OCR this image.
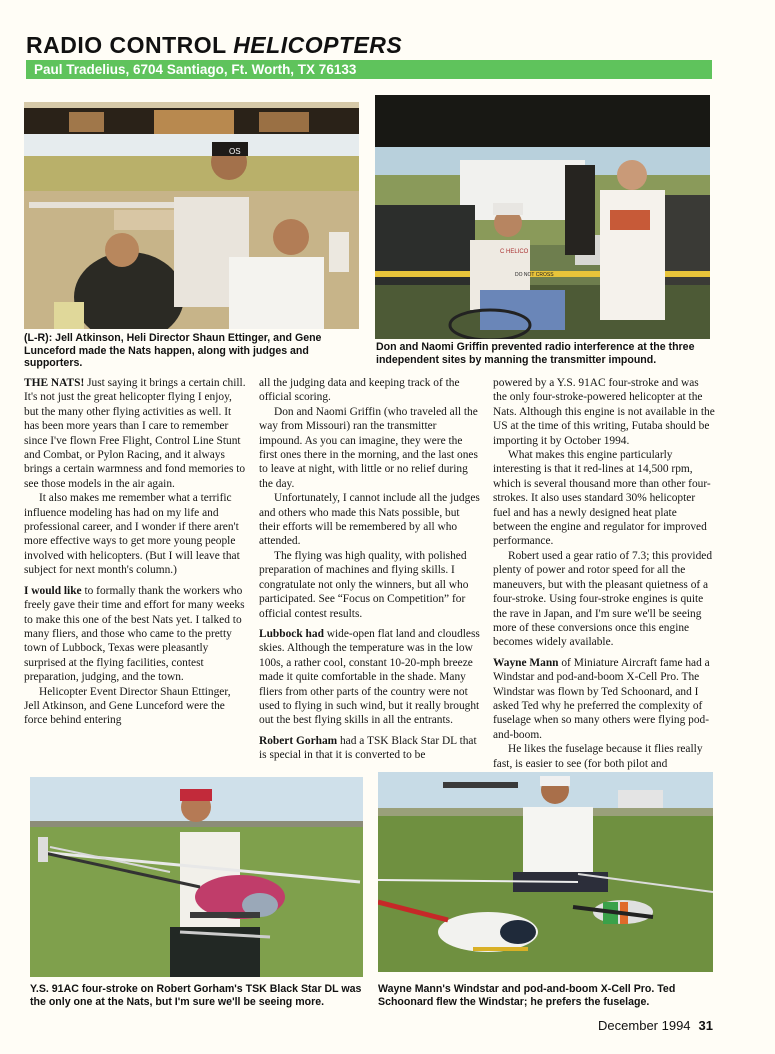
RADIO CONTROL HELICOPTERS
Paul Tradelius, 6704 Santiago, Ft. Worth, TX 76133
OS
C HELICO
DO NOT CROSS
(L-R): Jell Atkinson, Heli Director Shaun Ettinger, and Gene Lunceford made the Nats happen, along with judges and supporters.
Don and Naomi Griffin prevented radio interference at the three independent sites by manning the transmitter impound.

THE NATS! Just saying it brings a certain chill. It's not just the great helicopter flying I enjoy, but the many other flying activities as well. It has been more years than I care to remember since I've flown Free Flight, Control Line Stunt and Combat, or Pylon Racing, and it always brings a certain warmness and fond memories to see those models in the air again.

It also makes me remember what a terrific influence modeling has had on my life and professional career, and I wonder if there aren't more effective ways to get more young people involved with helicopters. (But I will leave that subject for next month's column.)

I would like to formally thank the workers who freely gave their time and effort for many weeks to make this one of the best Nats yet. I talked to many fliers, and those who came to the pretty town of Lubbock, Texas were pleasantly surprised at the flying facilities, contest preparation, judging, and the town.

Helicopter Event Director Shaun Ettinger, Jell Atkinson, and Gene Lunceford were the force behind entering

all the judging data and keeping track of the official scoring.

Don and Naomi Griffin (who traveled all the way from Missouri) ran the transmitter impound. As you can imagine, they were the first ones there in the morning, and the last ones to leave at night, with little or no relief during the day.

Unfortunately, I cannot include all the judges and others who made this Nats possible, but their efforts will be remembered by all who attended.

The flying was high quality, with polished preparation of machines and flying skills. I congratulate not only the winners, but all who participated. See “Focus on Competition” for official contest results.

Lubbock had wide-open flat land and cloudless skies. Although the temperature was in the low 100s, a rather cool, constant 10-20-mph breeze made it quite comfortable in the shade. Many fliers from other parts of the country were not used to flying in such wind, but it really brought out the best flying skills in all the entrants.

Robert Gorham had a TSK Black Star DL that is special in that it is converted to be

powered by a Y.S. 91AC four-stroke and was the only four-stroke-powered helicopter at the Nats. Although this engine is not available in the US at the time of this writing, Futaba should be importing it by October 1994.

What makes this engine particularly interesting is that it red-lines at 14,500 rpm, which is several thousand more than other four-strokes. It also uses standard 30% helicopter fuel and has a newly designed heat plate between the engine and regulator for improved performance.

Robert used a gear ratio of 7.3; this provided plenty of power and rotor speed for all the maneuvers, but with the pleasant quietness of a four-stroke. Using four-stroke engines is quite the rave in Japan, and I'm sure we'll be seeing more of these conversions once this engine becomes widely available.

Wayne Mann of Miniature Aircraft fame had a Windstar and pod-and-boom X-Cell Pro. The Windstar was flown by Ted Schoonard, and I asked Ted why he preferred the complexity of fuselage when so many others were flying pod-and-boom.

He likes the fuselage because it flies really fast, is easier to see (for both pilot and

Y.S. 91AC four-stroke on Robert Gorham's TSK Black Star DL was the only one at the Nats, but I'm sure we'll be seeing more.
Wayne Mann's Windstar and pod-and-boom X-Cell Pro. Ted Schoonard flew the Windstar; he prefers the fuselage.
December 1994 31
